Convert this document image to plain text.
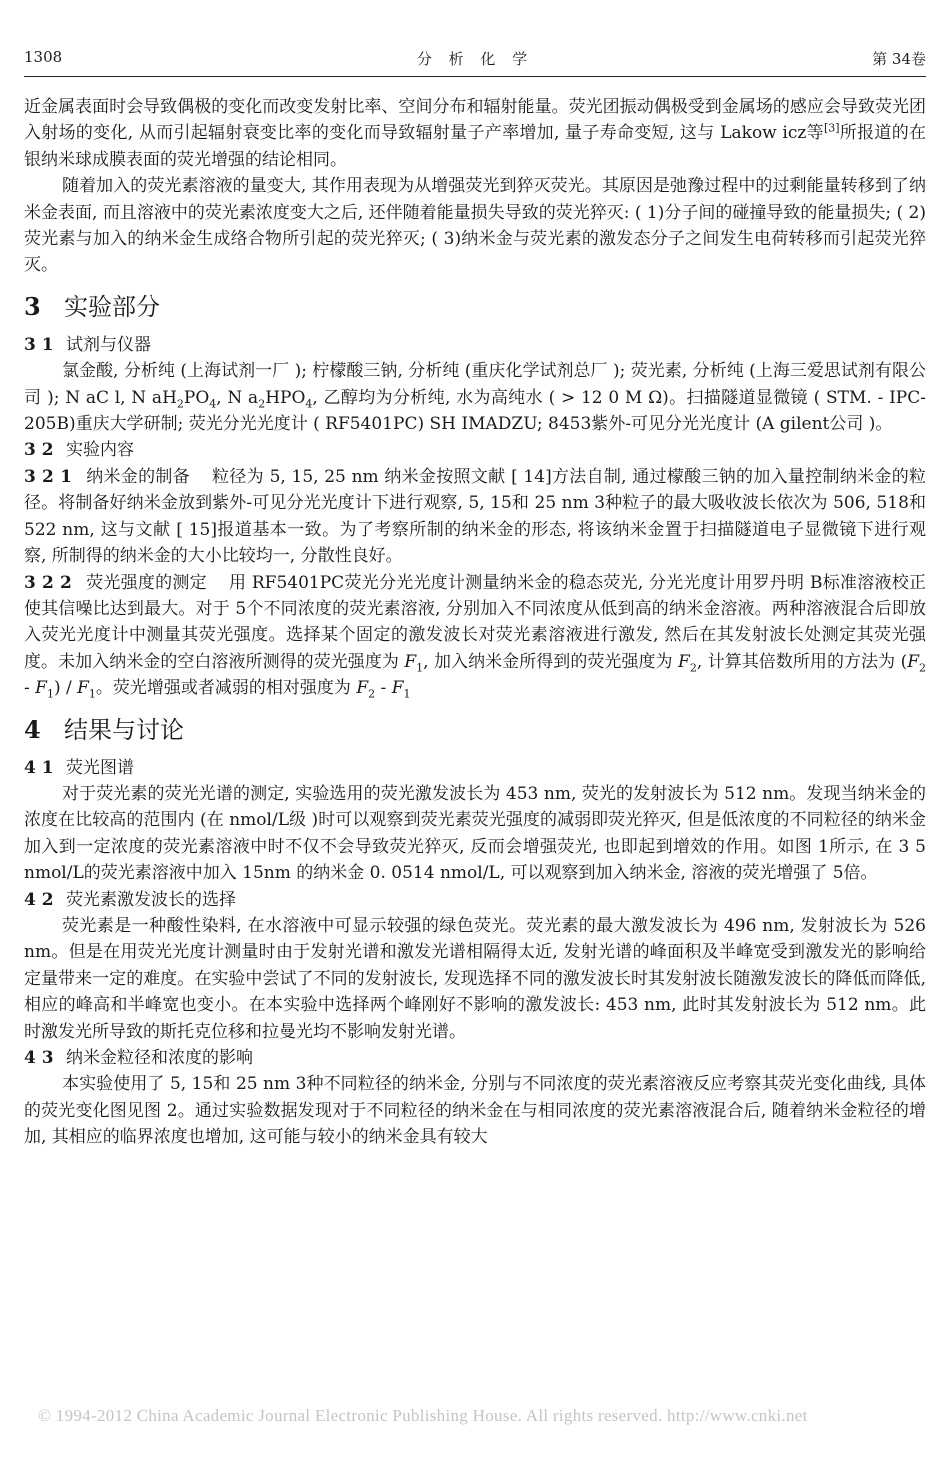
1308	分 析 化 学	第 34卷

近金属表面时会导致偶极的变化而改变发射比率、空间分布和辐射能量。荧光团振动偶极受到金属场的感应会导致荧光团入射场的变化, 从而引起辐射衰变比率的变化而导致辐射量子产率增加, 量子寿命变短, 这与 Lakow icz等[3]所报道的在银纳米球成膜表面的荧光增强的结论相同。

随着加入的荧光素溶液的量变大, 其作用表现为从增强荧光到猝灭荧光。其原因是弛豫过程中的过剩能量转移到了纳米金表面, 而且溶液中的荧光素浓度变大之后, 还伴随着能量损失导致的荧光猝灭: ( 1)分子间的碰撞导致的能量损失; ( 2)荧光素与加入的纳米金生成络合物所引起的荧光猝灭; ( 3)纳米金与荧光素的激发态分子之间发生电荷转移而引起荧光猝灭。

3 实验部分
3 1 试剂与仪器

氯金酸, 分析纯 (上海试剂一厂 ); 柠檬酸三钠, 分析纯 (重庆化学试剂总厂 ); 荧光素, 分析纯 (上海三爱思试剂有限公司 ); N aC l, N $aH_2PO_4$, N $a_2HPO_4$, 乙醇均为分析纯, 水为高纯水 ( > 12 0 M Ω)。扫描隧道显微镜 ( STM. - IPC-205B)重庆大学研制; 荧光分光光度计 ( RF5401PC) SH IMADZU; 8453紫外-可见分光光度计 (A gilent公司 )。

3 2 实验内容

3 2 1 纳米金的制备 粒径为 5, 15, 25 nm 纳米金按照文献 [ 14]方法自制, 通过檬酸三钠的加入量控制纳米金的粒径。将制备好纳米金放到紫外-可见分光光度计下进行观察, 5, 15和 25 nm 3种粒子的最大吸收波长依次为 506, 518和 522 nm, 这与文献 [ 15]报道基本一致。为了考察所制的纳米金的形态, 将该纳米金置于扫描隧道电子显微镜下进行观察, 所制得的纳米金的大小比较均一, 分散性良好。

3 2 2 荧光强度的测定 用 RF5401PC荧光分光光度计测量纳米金的稳态荧光, 分光光度计用罗丹明 B标准溶液校正使其信噪比达到最大。对于 5个不同浓度的荧光素溶液, 分别加入不同浓度从低到高的纳米金溶液。两种溶液混合后即放入荧光光度计中测量其荧光强度。选择某个固定的激发波长对荧光素溶液进行激发, 然后在其发射波长处测定其荧光强度。未加入纳米金的空白溶液所测得的荧光强度为 $F_1$, 加入纳米金所得到的荧光强度为 $F_2$, 计算其倍数所用的方法为 $(F_2 - F_1) / F_1$。荧光增强或者减弱的相对强度为 $F_2 - F_1$

4 结果与讨论
4 1 荧光图谱

对于荧光素的荧光光谱的测定, 实验选用的荧光激发波长为 453 nm, 荧光的发射波长为 512 nm。发现当纳米金的浓度在比较高的范围内 (在 nmol/L级 )时可以观察到荧光素荧光强度的减弱即荧光猝灭, 但是低浓度的不同粒径的纳米金加入到一定浓度的荧光素溶液中时不仅不会导致荧光猝灭, 反而会增强荧光, 也即起到增效的作用。如图 1所示, 在 3 5 nmol/L的荧光素溶液中加入 15nm 的纳米金 0. 0514 nmol/L, 可以观察到加入纳米金, 溶液的荧光增强了 5倍。

4 2 荧光素激发波长的选择

荧光素是一种酸性染料, 在水溶液中可显示较强的绿色荧光。荧光素的最大激发波长为 496 nm, 发射波长为 526 nm。但是在用荧光光度计测量时由于发射光谱和激发光谱相隔得太近, 发射光谱的峰面积及半峰宽受到激发光的影响给定量带来一定的难度。在实验中尝试了不同的发射波长, 发现选择不同的激发波长时其发射波长随激发波长的降低而降低, 相应的峰高和半峰宽也变小。在本实验中选择两个峰刚好不影响的激发波长: 453 nm, 此时其发射波长为 512 nm。此时激发光所导致的斯托克位移和拉曼光均不影响发射光谱。

4 3 纳米金粒径和浓度的影响

本实验使用了 5, 15和 25 nm 3种不同粒径的纳米金, 分别与不同浓度的荧光素溶液反应考察其荧光变化曲线, 具体的荧光变化图见图 2。通过实验数据发现对于不同粒径的纳米金在与相同浓度的荧光素溶液混合后, 随着纳米金粒径的增加, 其相应的临界浓度也增加, 这可能与较小的纳米金具有较大

© 1994-2012 China Academic Journal Electronic Publishing House. All rights reserved. http://www.cnki.net
